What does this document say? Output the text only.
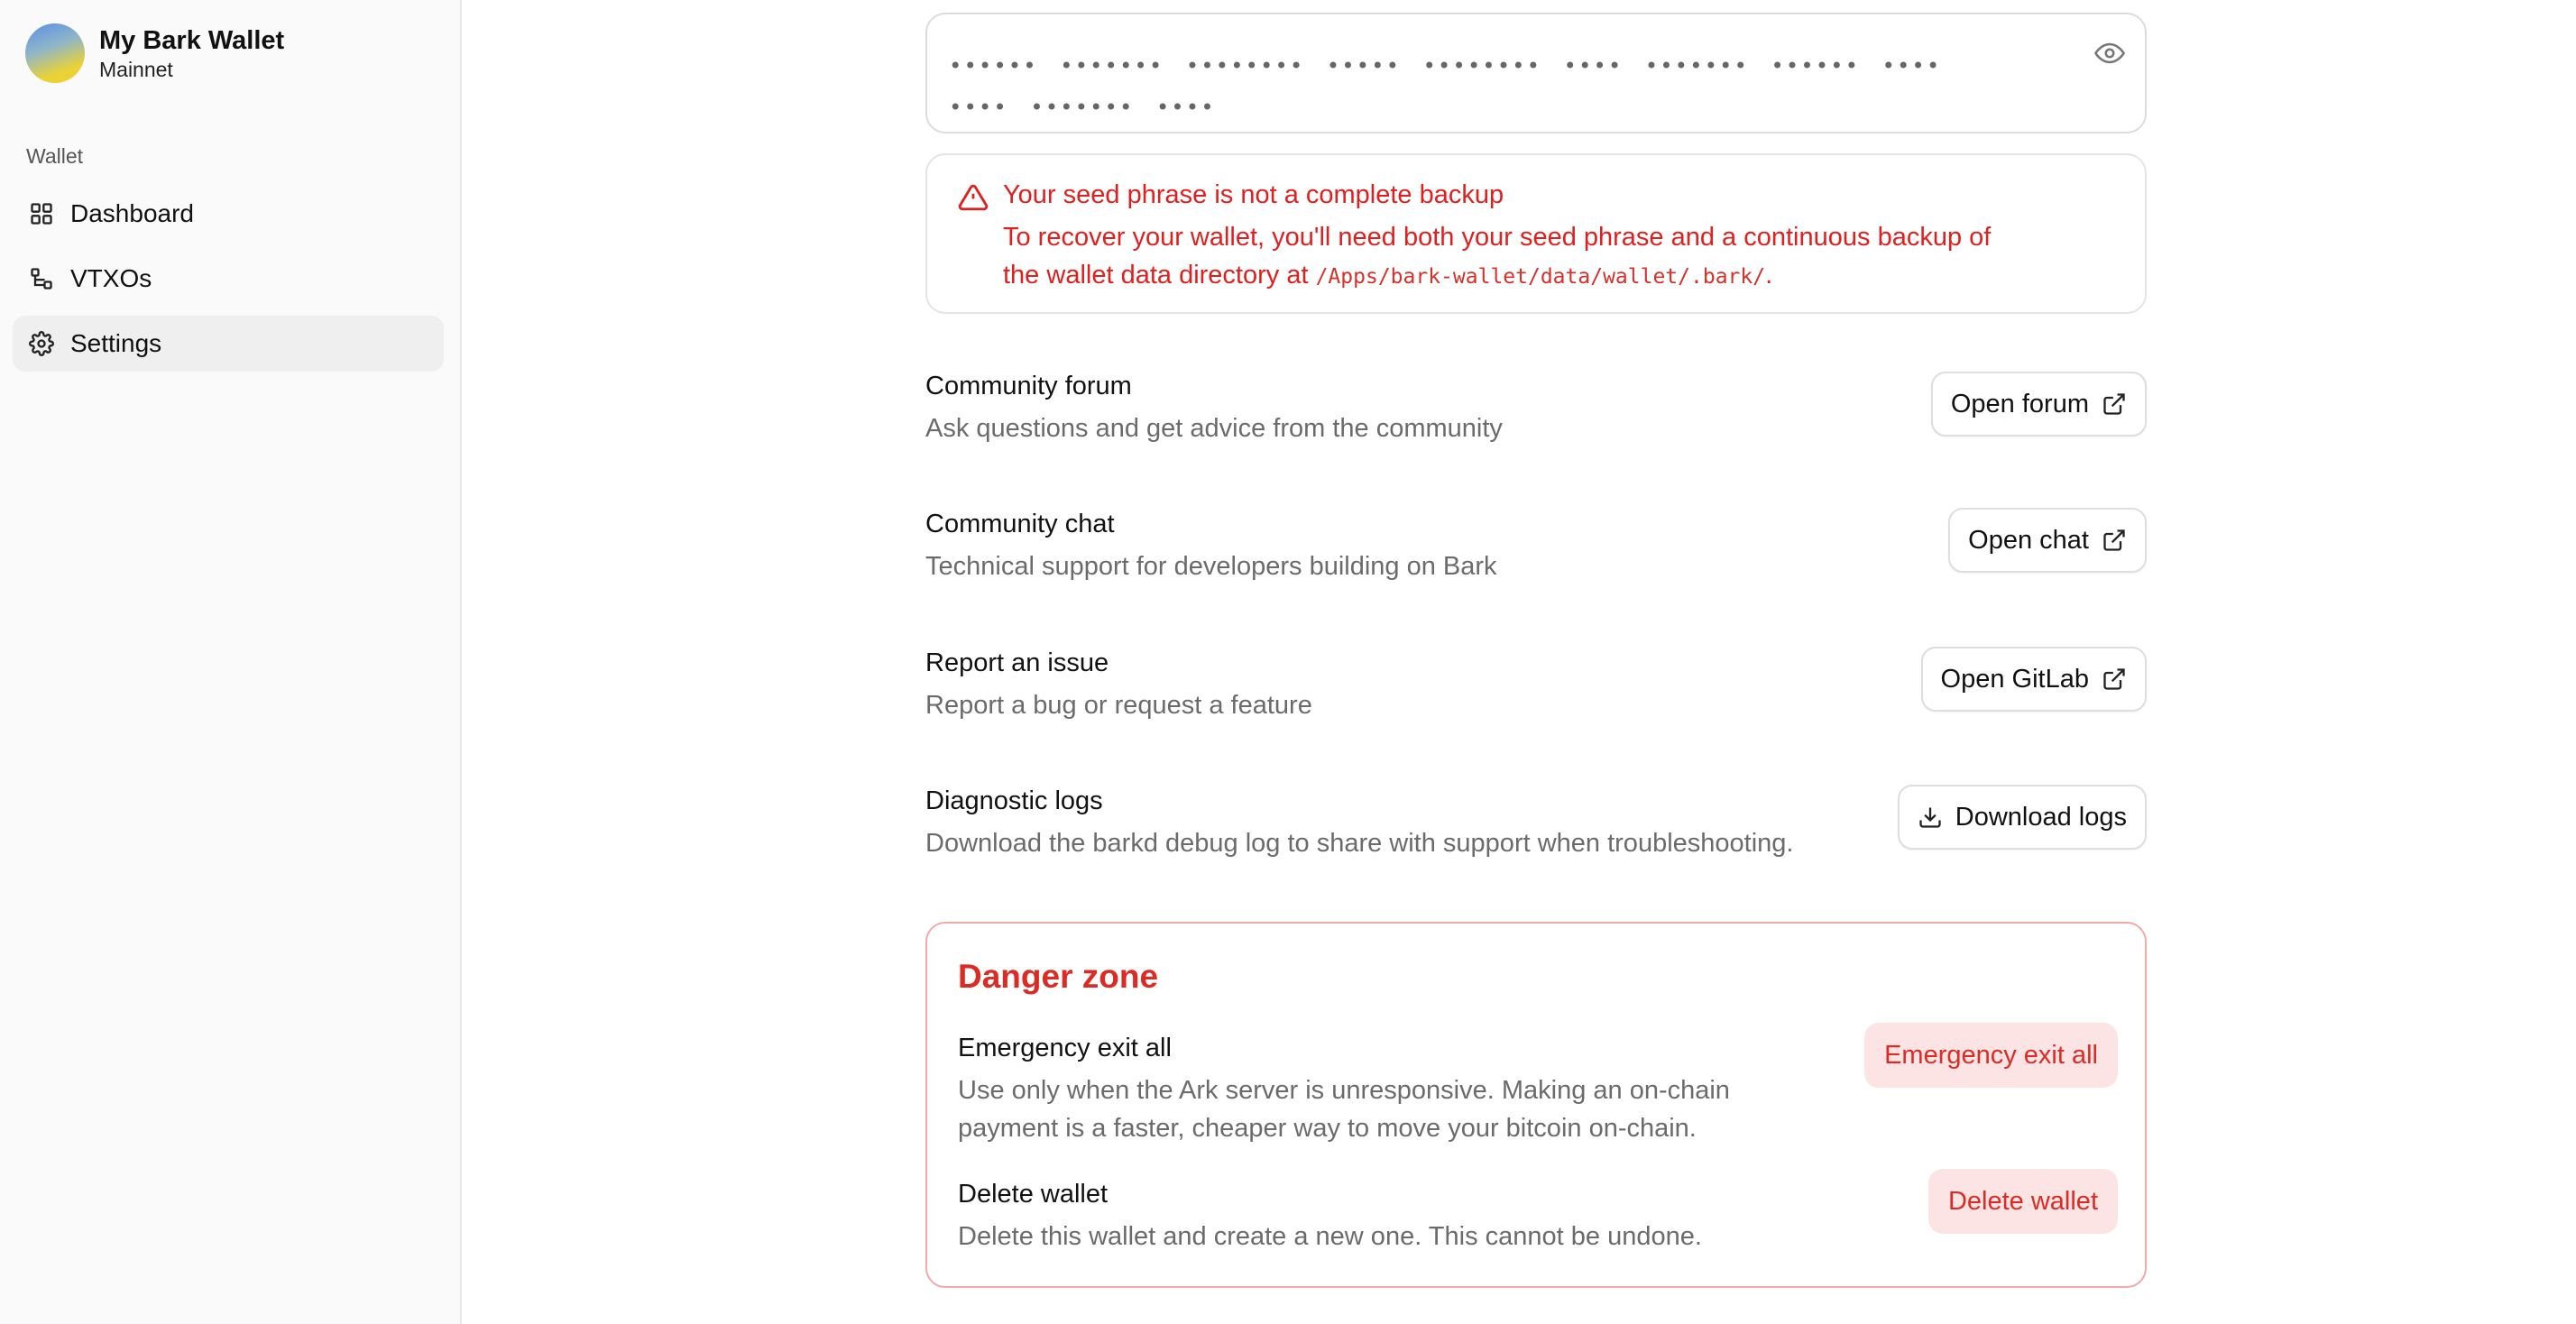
My Bark Wallet
Mainnet
Wallet
Dashboard
VTXOs
Settings
•••••• ••••••• •••••••• ••••• •••••••• •••• ••••••• •••••• •••• •••• ••••••• ••••
Your seed phrase is not a complete backup
To recover your wallet, you'll need both your seed phrase and a continuous backup of the wallet data directory at /Apps/bark-wallet/data/wallet/.bark/.
Community forum
Ask questions and get advice from the community
Open forum
Community chat
Technical support for developers building on Bark
Open chat
Report an issue
Report a bug or request a feature
Open GitLab
Diagnostic logs
Download the barkd debug log to share with support when troubleshooting.
Download logs
Danger zone
Emergency exit all
Use only when the Ark server is unresponsive. Making an on-chain payment is a faster, cheaper way to move your bitcoin on-chain.
Emergency exit all
Delete wallet
Delete this wallet and create a new one. This cannot be undone.
Delete wallet
